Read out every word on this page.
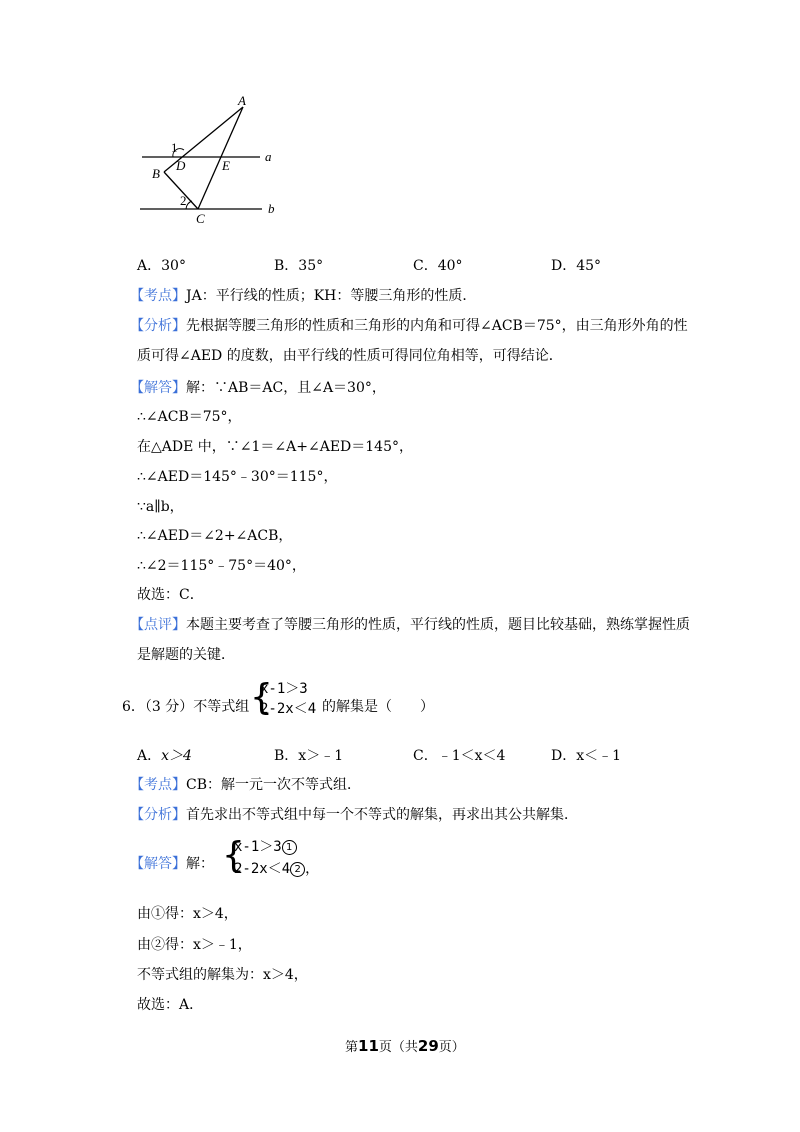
A
1
D	E
a
B
2
C
b
A．30°	B．35°	C．40°	D．45°
【考点】JA：平行线的性质；KH：等腰三角形的性质．
【分析】先根据等腰三角形的性质和三角形的内角和可得∠ACB＝75°，由三角形外角的性
质可得∠AED 的度数，由平行线的性质可得同位角相等，可得结论．
【解答】解：∵AB＝AC，且∠A＝30°，
∴∠ACB＝75°，
在△ADE 中，∵∠1＝∠A+∠AED＝145°，
∴∠AED＝145°﹣30°＝115°，
∵a∥b，
∴∠AED＝∠2+∠ACB，
∴∠2＝115°﹣75°＝40°，
故选：C．
【点评】本题主要考查了等腰三角形的性质，平行线的性质，题目比较基础，熟练掌握性质
是解题的关键．
6．（3 分）不等式组 {
x-1＞3
2-2x＜4 的解集是（　　）
A．x＞4	B．x＞﹣1	C．﹣1＜x＜4	D．x＜﹣1
【考点】CB：解一元一次不等式组．
【分析】首先求出不等式组中每一个不等式的解集，再求出其公共解集．
【解答】解： {
x-1＞3 1
2-2x＜4 2 ，
由①得：x＞4，
由②得：x＞﹣1，
不等式组的解集为：x＞4，
故选：A．
第11页（共29页）
